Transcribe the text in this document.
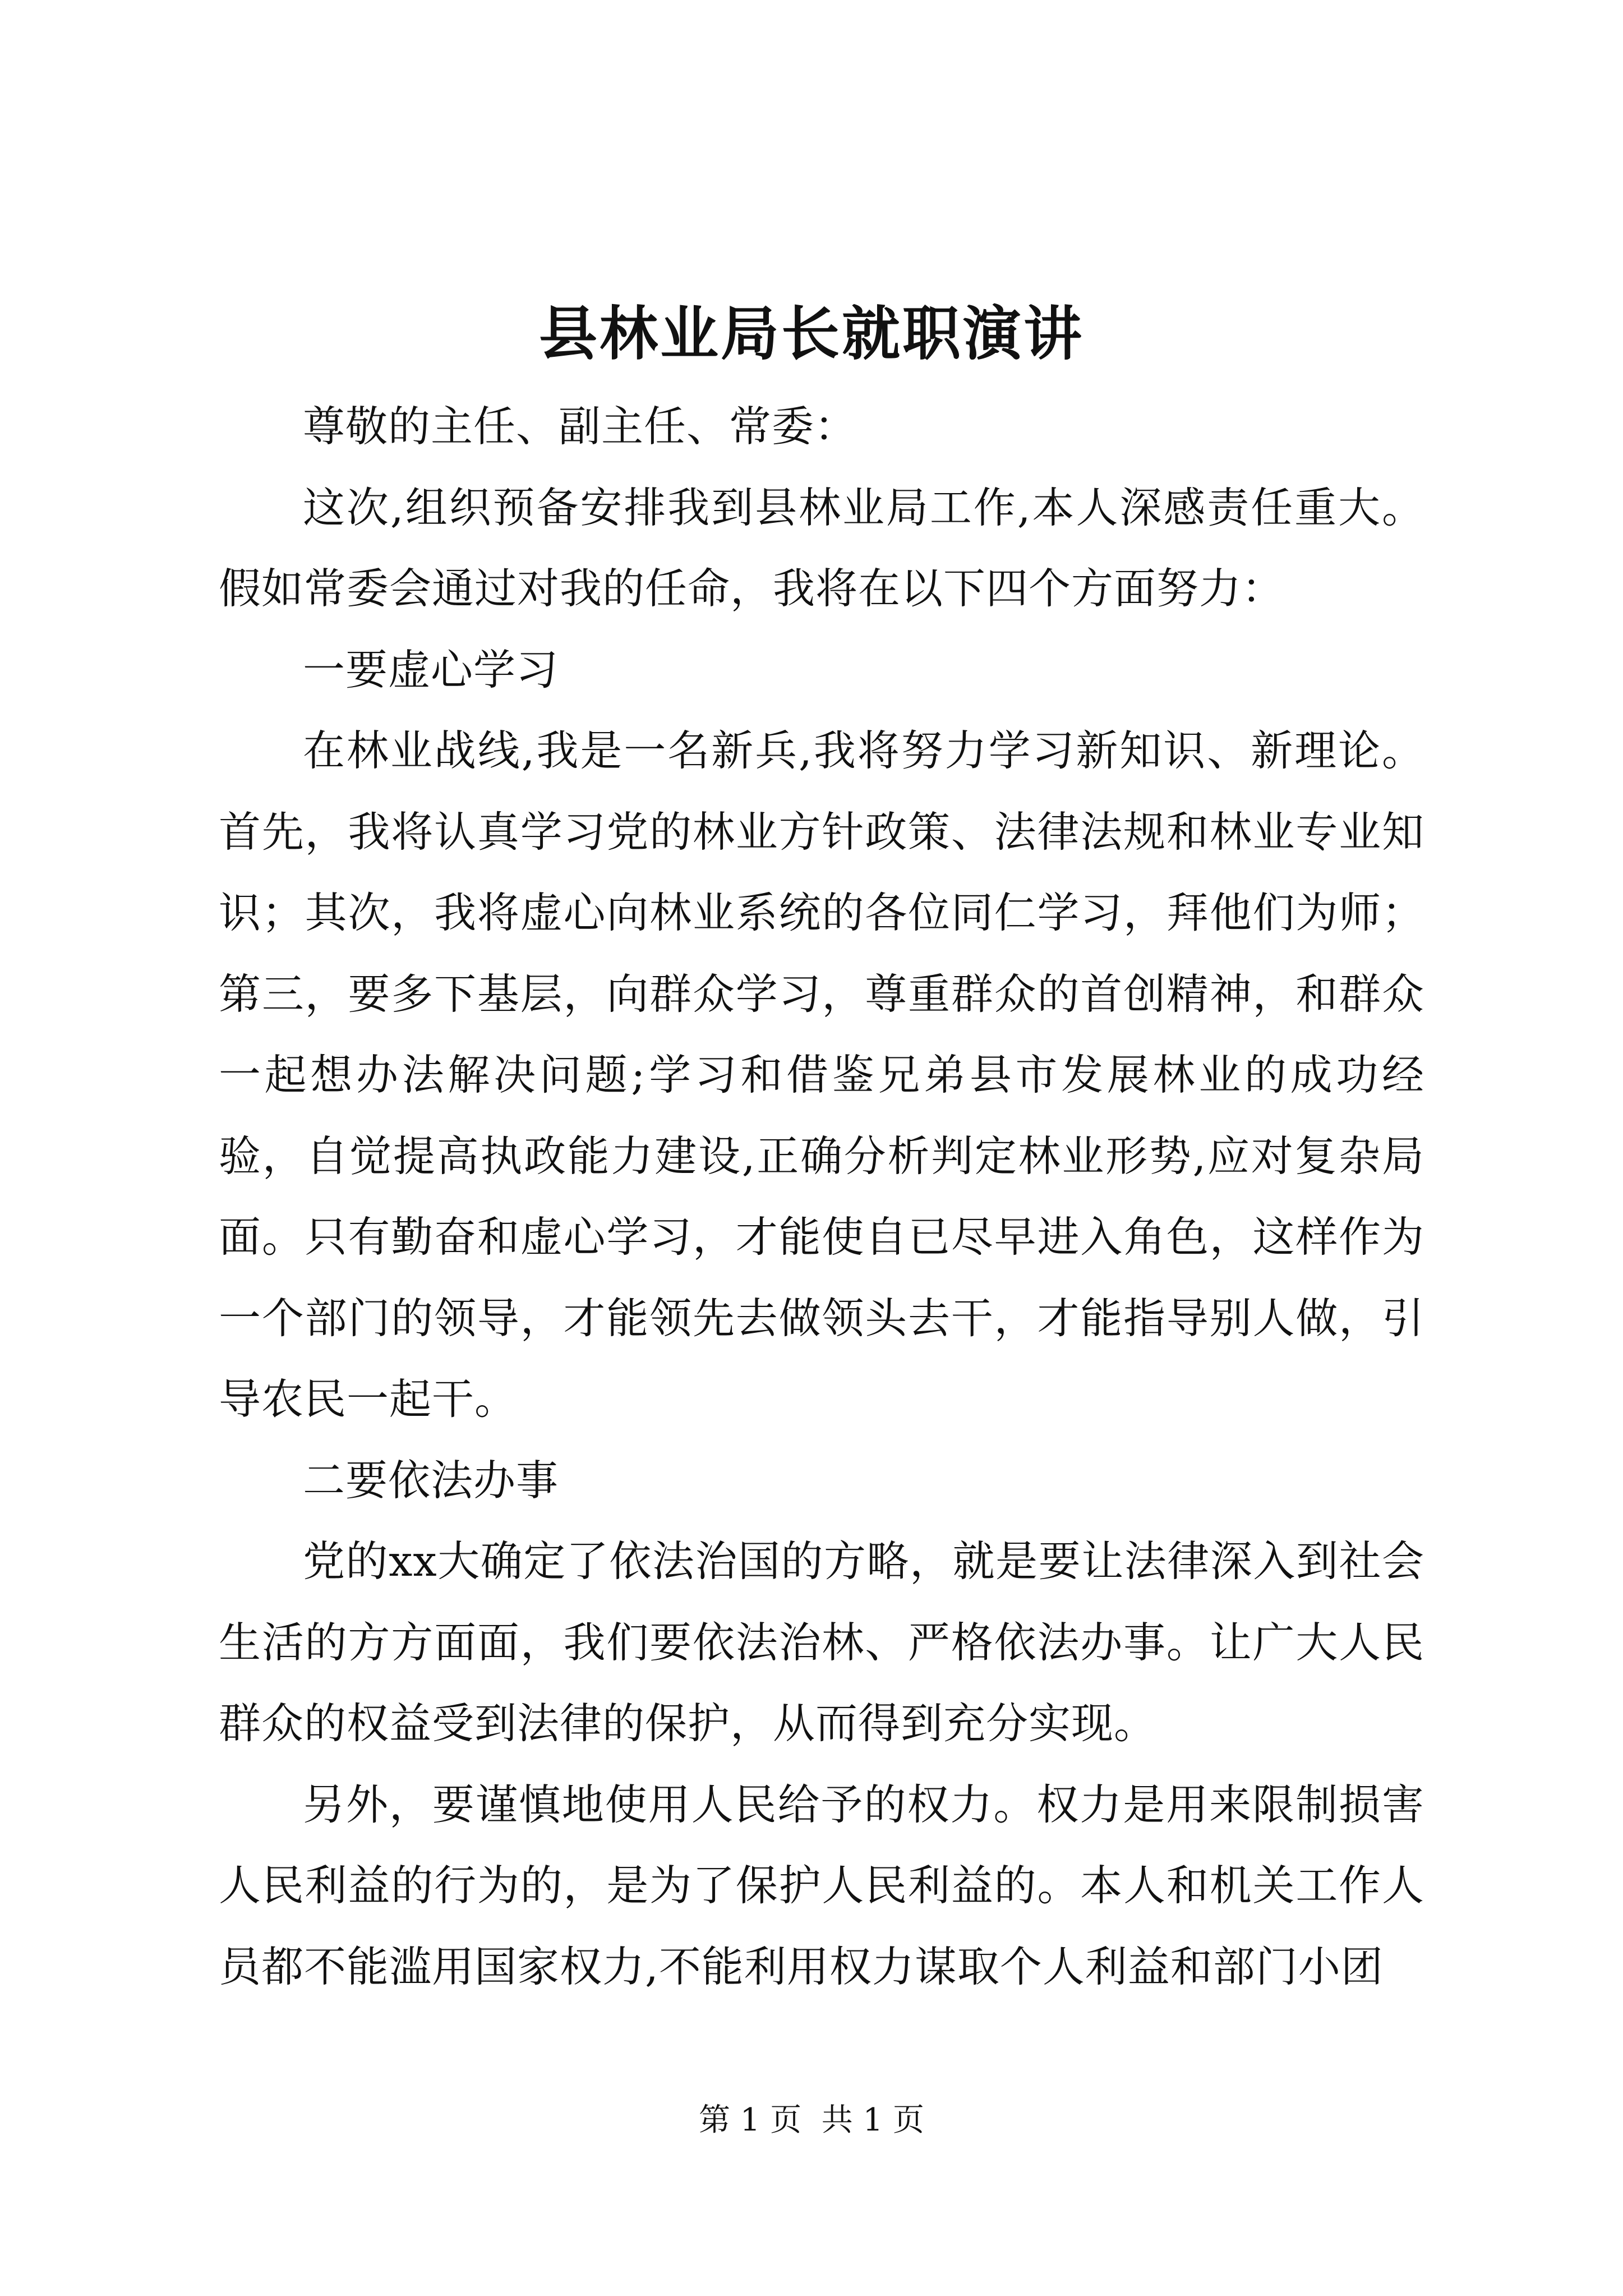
县林业局长就职演讲

尊敬的主任、副主任、常委：

这次,组织预备安排我到县林业局工作,本人深感责任重大。假如常委会通过对我的任命，我将在以下四个方面努力：

一要虚心学习

在林业战线,我是一名新兵,我将努力学习新知识、新理论。首先，我将认真学习党的林业方针政策、法律法规和林业专业知识；其次，我将虚心向林业系统的各位同仁学习，拜他们为师；第三，要多下基层，向群众学习，尊重群众的首创精神，和群众一起想办法解决问题;学习和借鉴兄弟县市发展林业的成功经验，自觉提高执政能力建设,正确分析判定林业形势,应对复杂局面。只有勤奋和虚心学习，才能使自已尽早进入角色，这样作为一个部门的领导，才能领先去做领头去干，才能指导别人做，引导农民一起干。

二要依法办事

党的xx大确定了依法治国的方略，就是要让法律深入到社会生活的方方面面，我们要依法治林、严格依法办事。让广大人民群众的权益受到法律的保护，从而得到充分实现。

另外，要谨慎地使用人民给予的权力。权力是用来限制损害人民利益的行为的，是为了保护人民利益的。本人和机关工作人员都不能滥用国家权力,不能利用权力谋取个人利益和部门小团

第 1 页  共 1 页
